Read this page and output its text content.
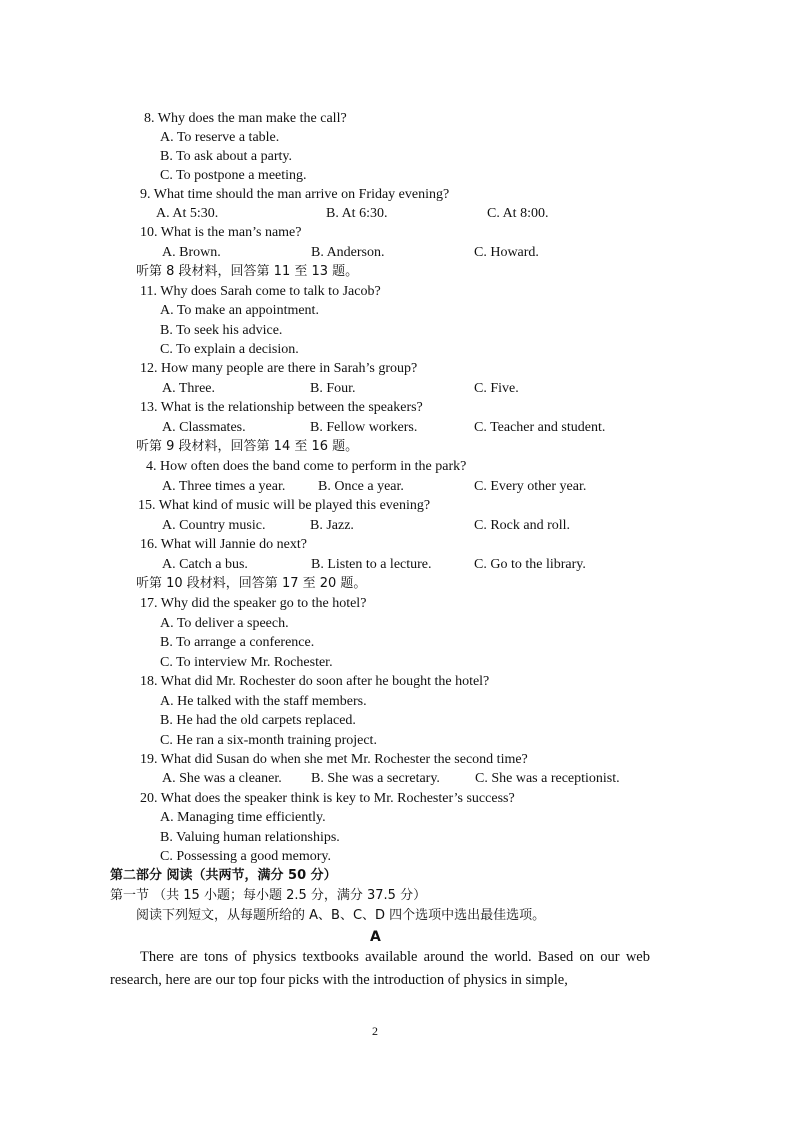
8. Why does the man make the call?
A. To reserve a table.
B. To ask about a party.
C. To postpone a meeting.
9. What time should the man arrive on Friday evening?
A. At 5:30.	B. At 6:30.	C. At 8:00.
10. What is the man’s name?
A. Brown.	B. Anderson.	C. Howard.
听第 8 段材料，回答第 11 至 13 题。
11. Why does Sarah come to talk to Jacob?
A. To make an appointment.
B. To seek his advice.
C. To explain a decision.
12. How many people are there in Sarah’s group?
A. Three.	B. Four.	C. Five.
13. What is the relationship between the speakers?
A. Classmates.	B. Fellow workers.	C. Teacher and student.
听第 9 段材料，回答第 14 至 16 题。
4. How often does the band come to perform in the park?
A. Three times a year. B. Once a year.	C. Every other year.
15. What kind of music will be played this evening?
A. Country music.	B. Jazz.	C. Rock and roll.
16. What will Jannie do next?
A. Catch a bus.	B. Listen to a lecture.	C. Go to the library.
听第 10 段材料，回答第 17 至 20 题。
17. Why did the speaker go to the hotel?
A. To deliver a speech.
B. To arrange a conference.
C. To interview Mr. Rochester.
18. What did Mr. Rochester do soon after he bought the hotel?
A. He talked with the staff members.
B. He had the old carpets replaced.
C. He ran a six-month training project.
19. What did Susan do when she met Mr. Rochester the second time?
A. She was a cleaner. B. She was a secretary.	C. She was a receptionist.
20. What does the speaker think is key to Mr. Rochester’s success?
A. Managing time efficiently.
B. Valuing human relationships.
C. Possessing a good memory.
第二部分 阅读（共两节，满分 50 分）
第一节 （共 15 小题；每小题 2.5 分，满分 37.5 分）
阅读下列短文，从每题所给的 A、B、C、D 四个选项中选出最佳选项。
A
There are tons of physics textbooks available around the world. Based on our web research, here are our top four picks with the introduction of physics in simple,
2
